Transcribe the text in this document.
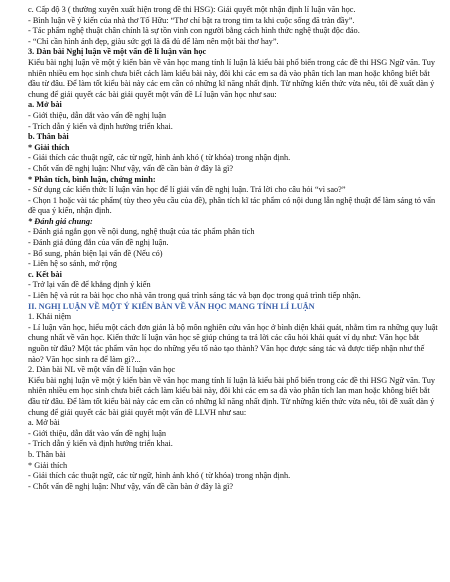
c. Cấp độ 3 ( thường xuyên xuất hiện trong đề thi HSG): Giải quyết một nhận định lí luận văn học.

- Bình luận về ý kiến của nhà thơ Tố Hữu: “Thơ chỉ bật ra trong tim ta khi cuộc sống đã tràn đầy”.

- Tác phẩm nghệ thuật chân chính là sự tồn vinh con người bằng cách hình thức nghệ thuật độc đáo.

- “Chỉ cần hình ảnh đẹp, giàu sức gợi là đã đủ để làm nên một bài thơ hay”.

3. Dàn bài Nghị luận về một vấn đề lí luận văn học

Kiểu bài nghị luận về một ý kiến bàn về văn học mang tính lí luận là kiểu bài phổ biến trong các đề thi HSG Ngữ văn. Tuy nhiên nhiều em học sinh chưa biết cách làm kiểu bài này, đôi khi các em sa đà vào phân tích lan man hoặc không biết bắt đầu từ đâu. Để làm tốt kiểu bài này các em cần có những kĩ năng nhất định. Từ những kiến thức vừa nêu, tôi đề xuất dàn ý chung để giải quyết các bài giải quyết một vấn đề Lí luận văn học như sau:

a. Mở bài

- Giới thiệu, dẫn dắt vào vấn đề nghị luận

- Trích dẫn ý kiến và định hướng triển khai.

b. Thân bài

* Giải thích

- Giải thích các thuật ngữ, các từ ngữ, hình ảnh khó ( từ khóa) trong nhận định.

- Chốt vấn đề nghị luận: Như vậy, vấn đề cần bàn ở đây là gì?

* Phân tích, bình luận, chứng minh:

- Sử dụng các kiến thức lí luận văn học để lí giải vấn đề nghị luận. Trả lời cho câu hỏi “vì sao?”

- Chọn 1 hoặc vài tác phẩm( tùy theo yêu cầu của đề), phân tích kĩ tác phẩm có nội dung lẫn nghệ thuật để làm sáng tỏ vấn đề qua ý kiến, nhận định.

* Đánh giá chung:

- Đánh giá ngắn gọn về nội dung, nghệ thuật của tác phẩm phân tích

- Đánh giá đúng đắn của vấn đề nghị luận.

- Bổ sung, phản biện lại vấn đề (Nếu có)

- Liên hệ so sánh, mở rộng

c. Kết bài

- Trở lại vấn đề để khẳng định ý kiến

- Liên hệ và rút ra bài học cho nhà văn trong quá trình sáng tác và bạn đọc trong quá trình tiếp nhận.

II. NGHỊ LUẬN VỀ MỘT Ý KIẾN BÀN VỀ VĂN HỌC MANG TÍNH LÍ LUẬN

1. Khái niệm

- Lí luận văn học, hiểu một cách đơn giản là bộ môn nghiên cứu văn học ở bình diện khái quát, nhằm tìm ra những quy luật chung nhất về văn học. Kiến thức lí luận văn học sẽ giúp chúng ta trả lời các câu hỏi khái quát ví dụ như: Văn học bắt nguồn từ đâu? Một tác phẩm văn học do những yếu tố nào tạo thành? Văn học được sáng tác và được tiếp nhận như thế nào? Văn học sinh ra để làm gì?...

2. Dàn bài NL về một vấn đề lí luận văn học

Kiểu bài nghị luận về một ý kiến bàn về văn học mang tính lí luận là kiểu bài phổ biến trong các đề thi HSG Ngữ văn. Tuy nhiên nhiều em học sinh chưa biết cách làm kiểu bài này, đôi khi các em sa đà vào phân tích lan man hoặc không biết bắt đầu từ đâu. Để làm tốt kiểu bài này các em cần có những kĩ năng nhất định. Từ những kiến thức vừa nêu, tôi đề xuất dàn ý chung để giải quyết các bài giải quyết một vấn đề LLVH như sau:

a. Mở bài

- Giới thiệu, dẫn dắt vào vấn đề nghị luận

- Trích dẫn ý kiến và định hướng triển khai.

b. Thân bài

* Giải thích

- Giải thích các thuật ngữ, các từ ngữ, hình ảnh khó ( từ khóa) trong nhận định.

- Chốt vấn đề nghị luận: Như vậy, vấn đề cần bàn ở đây là gì?
